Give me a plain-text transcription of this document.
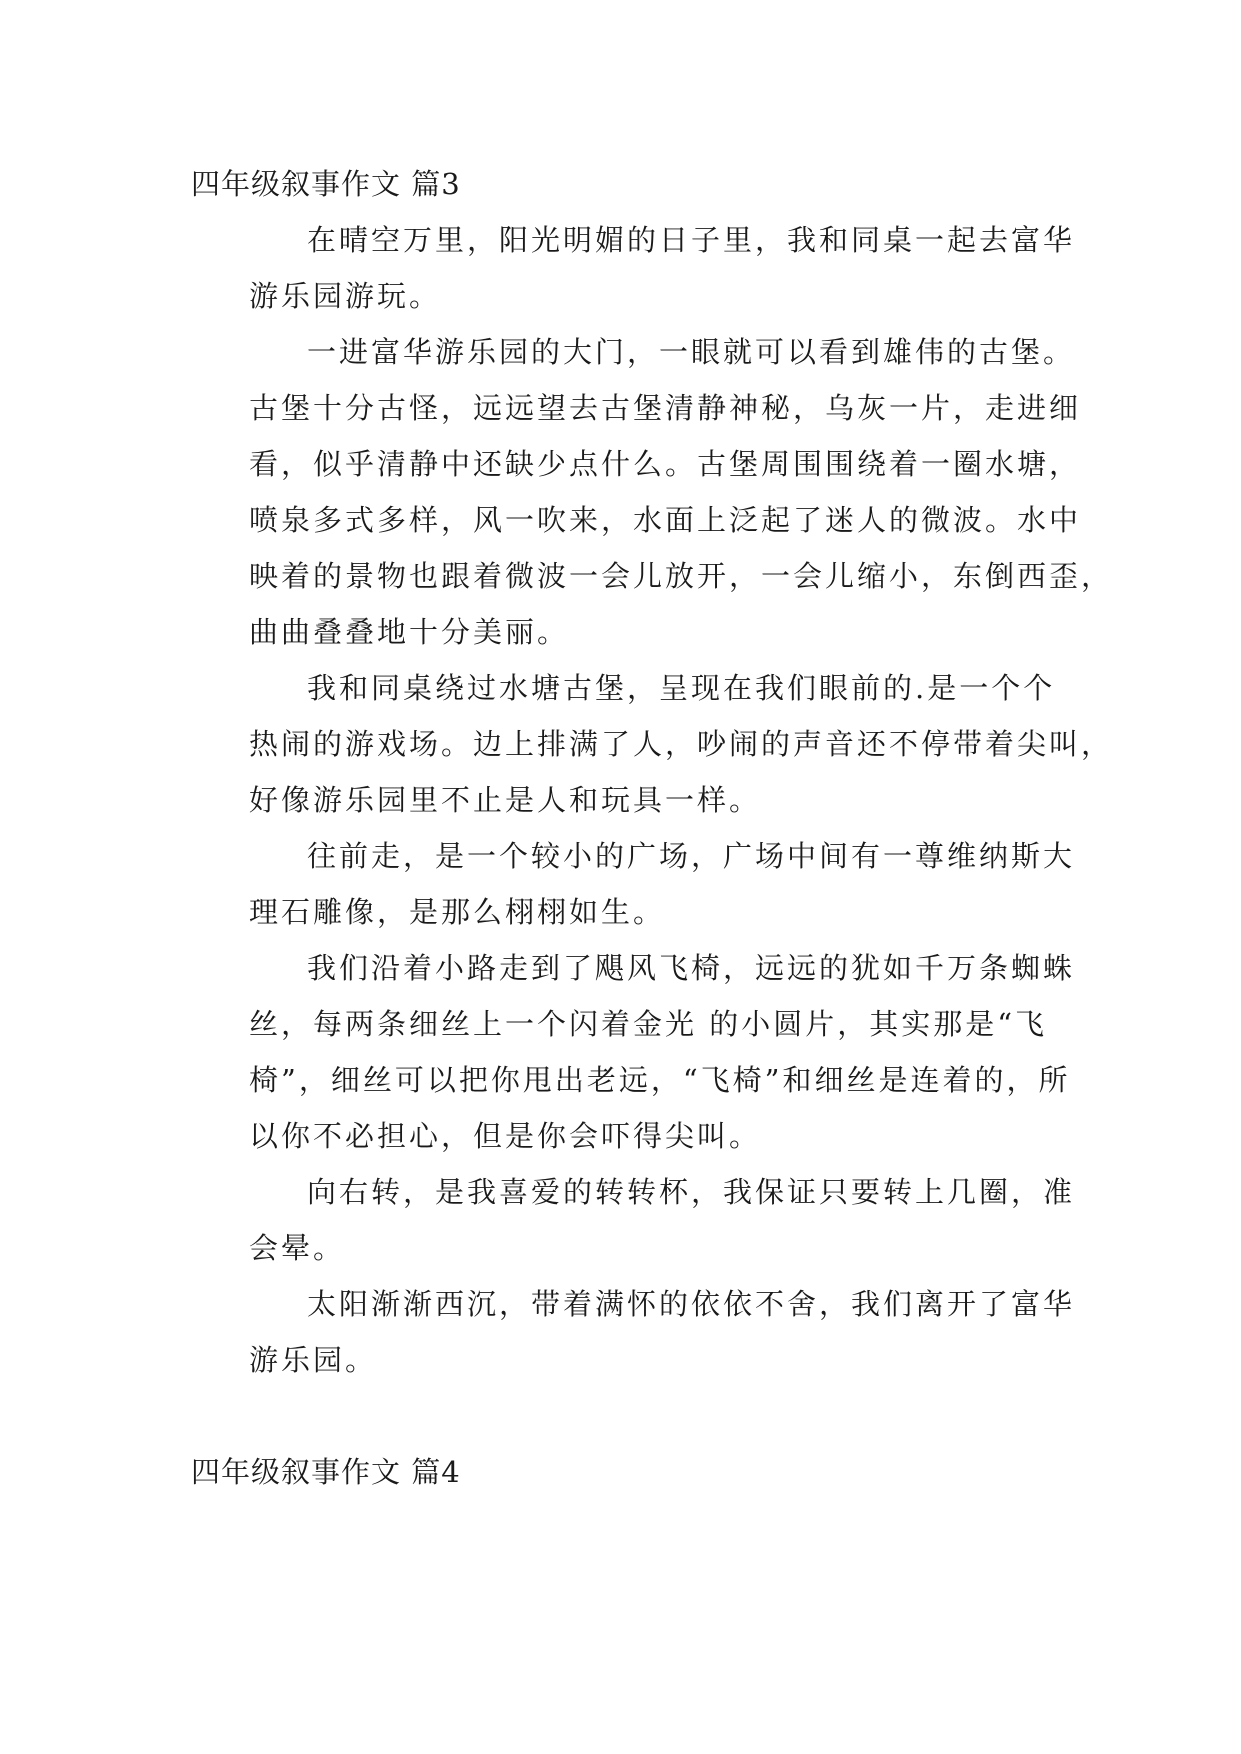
四年级叙事作文 篇3
在晴空万里，阳光明媚的日子里，我和同桌一起去富华
游乐园游玩。
一进富华游乐园的大门，一眼就可以看到雄伟的古堡。
古堡十分古怪，远远望去古堡清静神秘，乌灰一片，走进细
看，似乎清静中还缺少点什么。古堡周围围绕着一圈水塘，
喷泉多式多样，风一吹来，水面上泛起了迷人的微波。水中
映着的景物也跟着微波一会儿放开，一会儿缩小，东倒西歪，
曲曲叠叠地十分美丽。
我和同桌绕过水塘古堡，呈现在我们眼前的.是一个个
热闹的游戏场。边上排满了人，吵闹的声音还不停带着尖叫，
好像游乐园里不止是人和玩具一样。
往前走，是一个较小的广场，广场中间有一尊维纳斯大
理石雕像，是那么栩栩如生。
我们沿着小路走到了飓风飞椅，远远的犹如千万条蜘蛛
丝，每两条细丝上一个闪着金光 的小圆片，其实那是“飞
椅”，细丝可以把你甩出老远，“飞椅”和细丝是连着的，所
以你不必担心，但是你会吓得尖叫。
向右转，是我喜爱的转转杯，我保证只要转上几圈，准
会晕。
太阳渐渐西沉，带着满怀的依依不舍，我们离开了富华
游乐园。
四年级叙事作文 篇4
